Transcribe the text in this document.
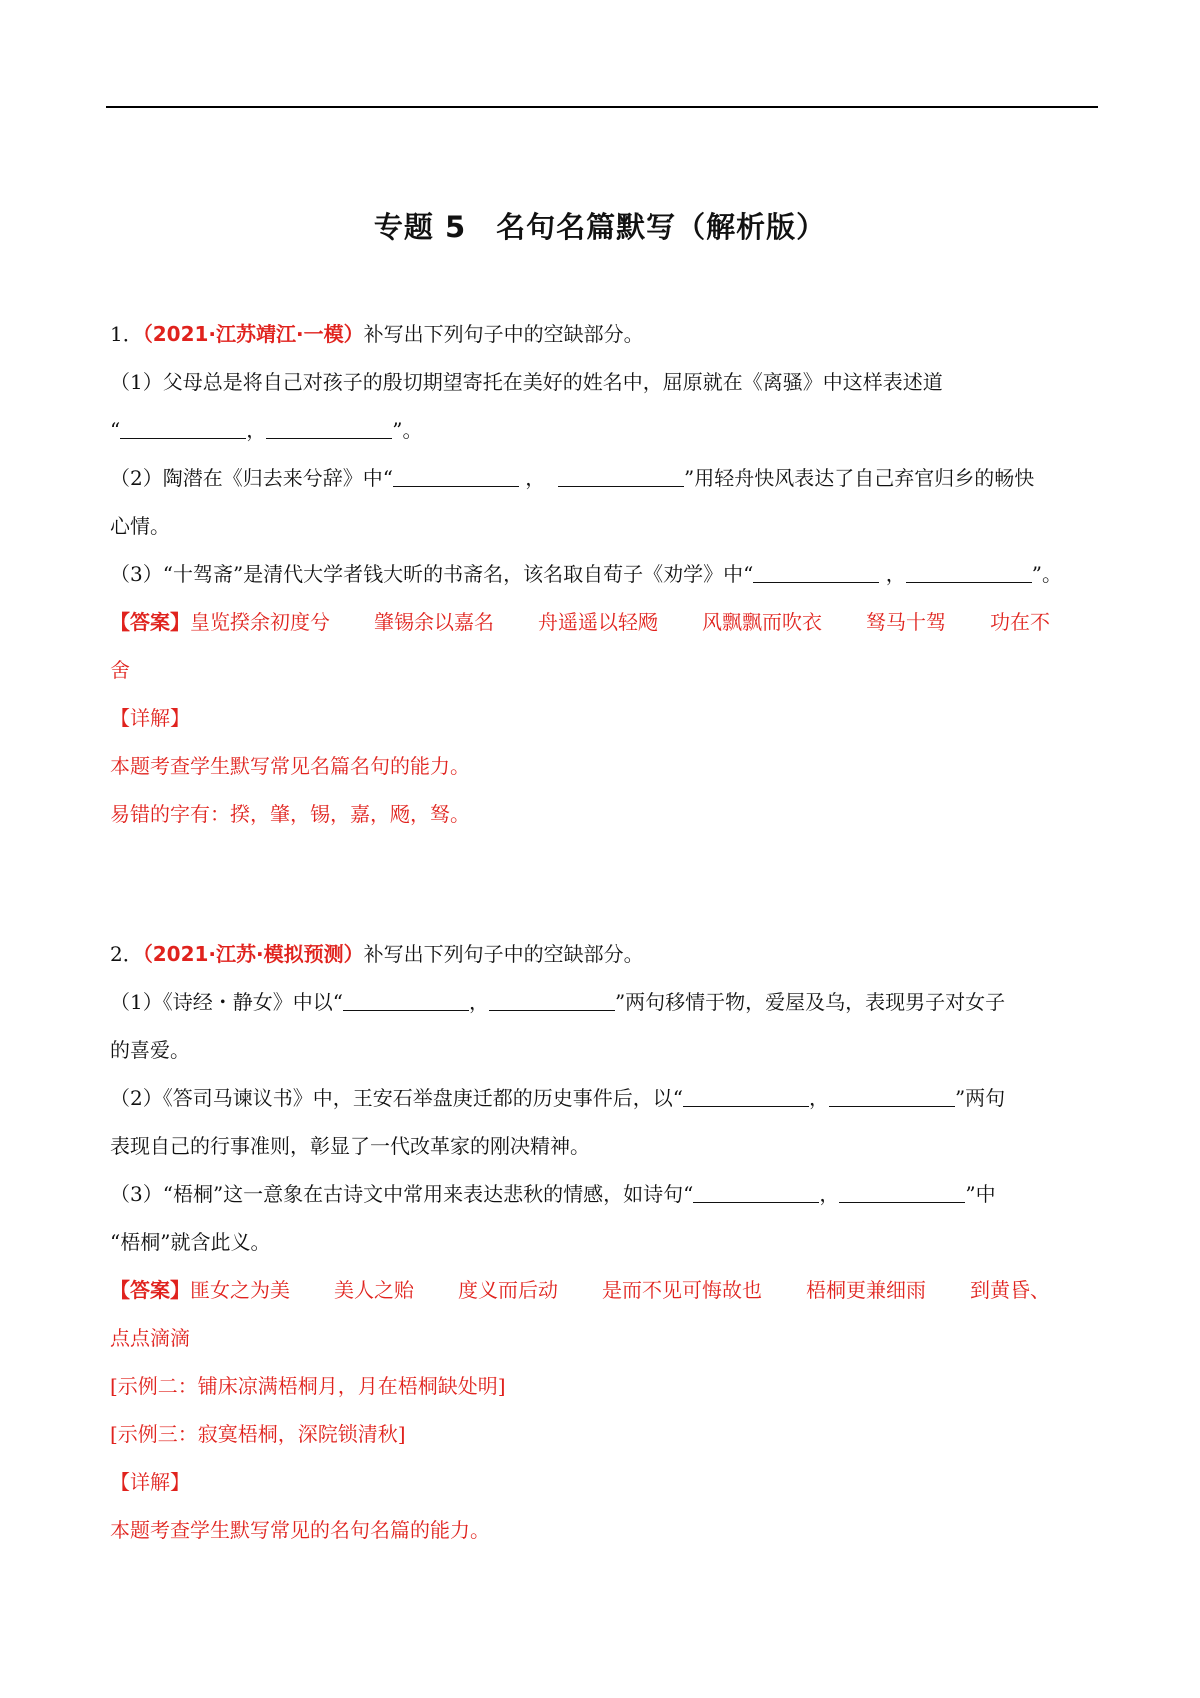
专题 5　名句名篇默写（解析版）
1．（2021·江苏靖江·一模）补写出下列句子中的空缺部分。
（1）父母总是将自己对孩子的殷切期望寄托在美好的姓名中，屈原就在《离骚》中这样表述道
“	，	”。
（2）陶潜在《归去来兮辞》中“	，	”用轻舟快风表达了自己弃官归乡的畅快
心情。
（3）“十驾斋”是清代大学者钱大昕的书斋名，该名取自荀子《劝学》中“	，	”。
【答案】皇览揆余初度兮 肇锡余以嘉名 舟遥遥以轻飏 风飘飘而吹衣 驽马十驾 功在不
舍
【详解】
本题考查学生默写常见名篇名句的能力。
易错的字有：揆，肇，锡，嘉，飏，驽。
2．（2021·江苏·模拟预测）补写出下列句子中的空缺部分。
（1）《诗经・静女》中以“	，	”两句移情于物，爱屋及乌，表现男子对女子
的喜爱。
（2）《答司马谏议书》中，王安石举盘庚迁都的历史事件后，以“	，	”两句
表现自己的行事准则，彰显了一代改革家的刚决精神。
（3）“梧桐”这一意象在古诗文中常用来表达悲秋的情感，如诗句“	，	”中
“梧桐”就含此义。
【答案】匪女之为美 美人之贻 度义而后动 是而不见可悔故也 梧桐更兼细雨 到黄昏、
点点滴滴
[示例二：铺床凉满梧桐月，月在梧桐缺处明]
[示例三：寂寞梧桐，深院锁清秋]
【详解】
本题考查学生默写常见的名句名篇的能力。
